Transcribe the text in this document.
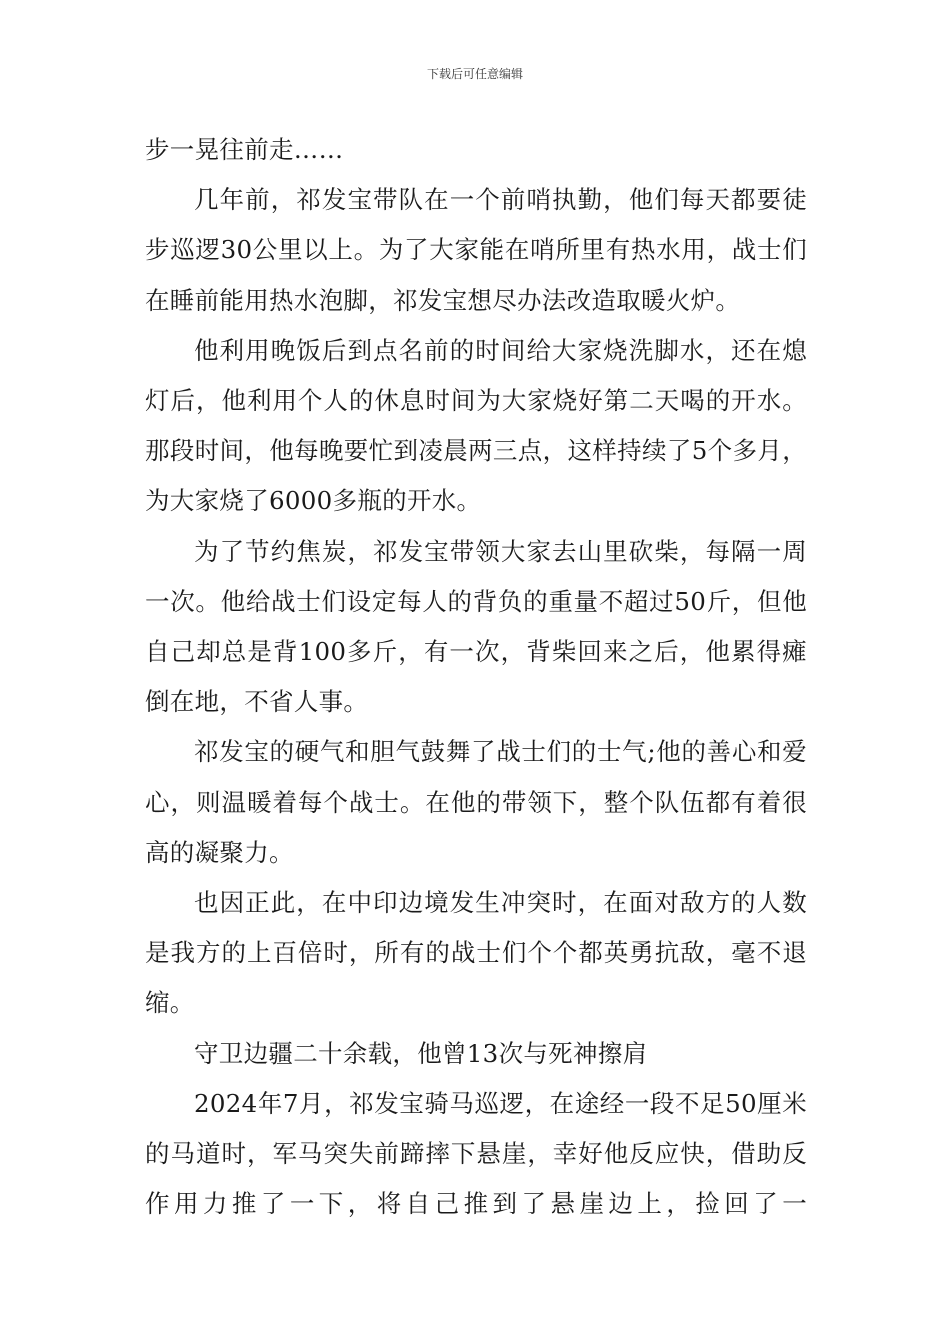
下载后可任意编辑

步一晃往前走……

几年前，祁发宝带队在一个前哨执勤，他们每天都要徒步巡逻30公里以上。为了大家能在哨所里有热水用，战士们在睡前能用热水泡脚，祁发宝想尽办法改造取暖火炉。

他利用晚饭后到点名前的时间给大家烧洗脚水，还在熄灯后，他利用个人的休息时间为大家烧好第二天喝的开水。那段时间，他每晚要忙到凌晨两三点，这样持续了5个多月，为大家烧了6000多瓶的开水。

为了节约焦炭，祁发宝带领大家去山里砍柴，每隔一周一次。他给战士们设定每人的背负的重量不超过50斤，但他自己却总是背100多斤，有一次，背柴回来之后，他累得瘫倒在地，不省人事。

祁发宝的硬气和胆气鼓舞了战士们的士气;他的善心和爱心，则温暖着每个战士。在他的带领下，整个队伍都有着很高的凝聚力。

也因正此，在中印边境发生冲突时，在面对敌方的人数是我方的上百倍时，所有的战士们个个都英勇抗敌，毫不退缩。

守卫边疆二十余载，他曾13次与死神擦肩

2024年7月，祁发宝骑马巡逻，在途经一段不足50厘米的马道时，军马突失前蹄摔下悬崖，幸好他反应快，借助反作用力推了一下，将自己推到了悬崖边上，捡回了一
